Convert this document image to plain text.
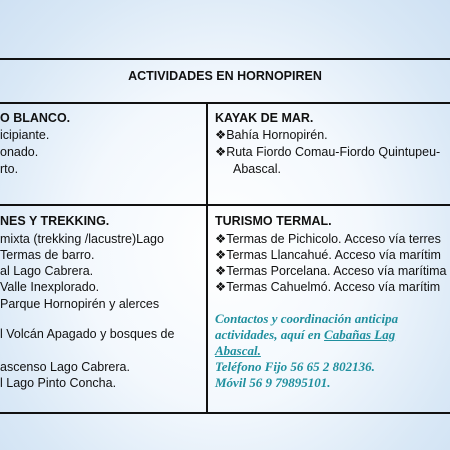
ACTIVIDADES EN HORNOPIREN
O BLANCO.
icipiante.
onado.
rto.
KAYAK DE MAR.
❖Bahía Hornopirén.
❖Ruta Fiordo Comau-Fiordo Quintupeu-
Abascal.
NES Y TREKKING.
mixta (trekking /lacustre)Lago
Termas de barro.
al Lago Cabrera.
Valle Inexplorado.
Parque Hornopirén y alerces
l Volcán Apagado y bosques de
ascenso Lago Cabrera.
l Lago Pinto Concha.
TURISMO TERMAL.
❖Termas de Pichicolo. Acceso vía terres
❖Termas Llancahué. Acceso vía marítim
❖Termas Porcelana. Acceso vía marítima
❖Termas Cahuelmó. Acceso vía marítim
Contactos y coordinación anticipa
actividades, aquí en Cabañas Lag
Abascal.
Teléfono Fijo 56 65 2 802136.
Móvil 56 9 79895101.
